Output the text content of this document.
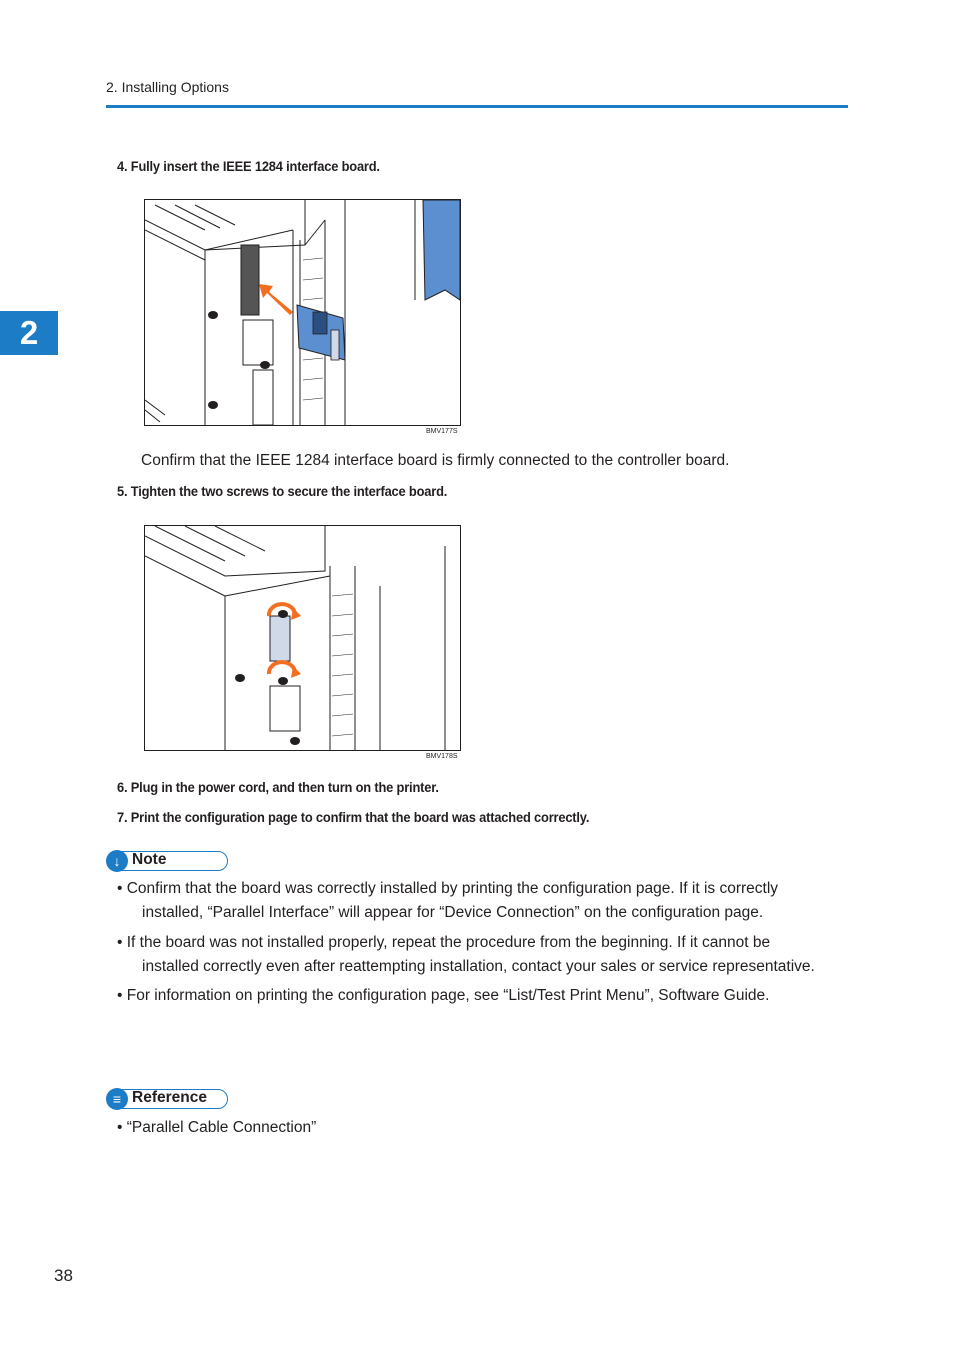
2. Installing Options
2
4. Fully insert the IEEE 1284 interface board.
BMV177S
Confirm that the IEEE 1284 interface board is firmly connected to the controller board.
5. Tighten the two screws to secure the interface board.
BMV178S
6. Plug in the power cord, and then turn on the printer.
7. Print the configuration page to confirm that the board was attached correctly.
↓ Note
• Confirm that the board was correctly installed by printing the configuration page. If it is correctly
installed, “Parallel Interface” will appear for “Device Connection” on the configuration page.
• If the board was not installed properly, repeat the procedure from the beginning. If it cannot be
installed correctly even after reattempting installation, contact your sales or service representative.
• For information on printing the configuration page, see “List/Test Print Menu”, Software Guide.
≡ Reference
• “Parallel Cable Connection”
38
